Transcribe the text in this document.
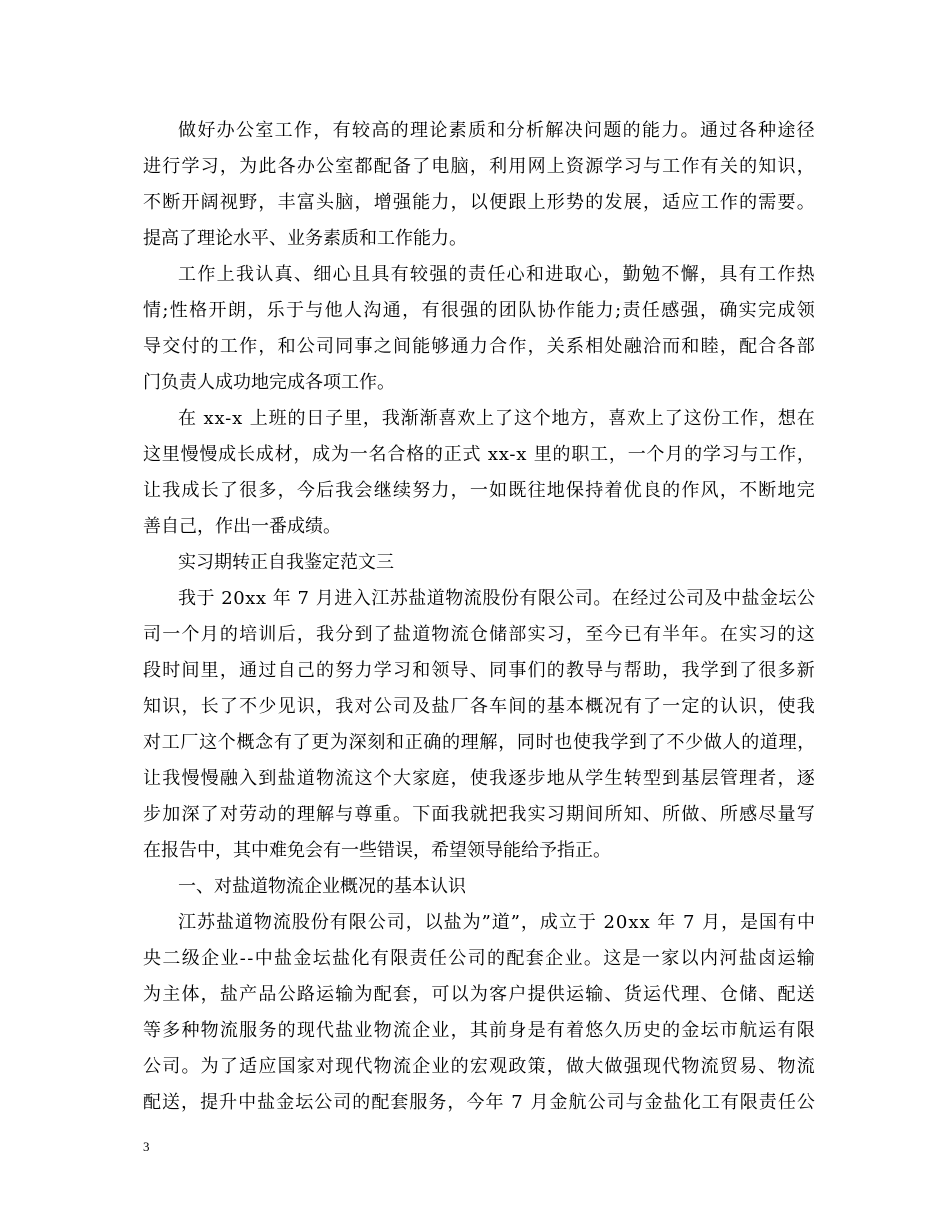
做好办公室工作，有较高的理论素质和分析解决问题的能力。通过各种途径
进行学习，为此各办公室都配备了电脑，利用网上资源学习与工作有关的知识，
不断开阔视野，丰富头脑，增强能力，以便跟上形势的发展，适应工作的需要。
提高了理论水平、业务素质和工作能力。
工作上我认真、细心且具有较强的责任心和进取心，勤勉不懈，具有工作热
情;性格开朗，乐于与他人沟通，有很强的团队协作能力;责任感强，确实完成领
导交付的工作，和公司同事之间能够通力合作，关系相处融洽而和睦，配合各部
门负责人成功地完成各项工作。
在 xx-x 上班的日子里，我渐渐喜欢上了这个地方，喜欢上了这份工作，想在
这里慢慢成长成材，成为一名合格的正式 xx-x 里的职工，一个月的学习与工作，
让我成长了很多，今后我会继续努力，一如既往地保持着优良的作风，不断地完
善自己，作出一番成绩。
实习期转正自我鉴定范文三
我于 20xx 年 7 月进入江苏盐道物流股份有限公司。在经过公司及中盐金坛公
司一个月的培训后，我分到了盐道物流仓储部实习，至今已有半年。在实习的这
段时间里，通过自己的努力学习和领导、同事们的教导与帮助，我学到了很多新
知识，长了不少见识，我对公司及盐厂各车间的基本概况有了一定的认识，使我
对工厂这个概念有了更为深刻和正确的理解，同时也使我学到了不少做人的道理，
让我慢慢融入到盐道物流这个大家庭，使我逐步地从学生转型到基层管理者，逐
步加深了对劳动的理解与尊重。下面我就把我实习期间所知、所做、所感尽量写
在报告中，其中难免会有一些错误，希望领导能给予指正。
一、对盐道物流企业概况的基本认识
江苏盐道物流股份有限公司，以盐为”道”，成立于 20xx 年 7 月，是国有中
央二级企业--中盐金坛盐化有限责任公司的配套企业。这是一家以内河盐卤运输
为主体，盐产品公路运输为配套，可以为客户提供运输、货运代理、仓储、配送
等多种物流服务的现代盐业物流企业，其前身是有着悠久历史的金坛市航运有限
公司。为了适应国家对现代物流企业的宏观政策，做大做强现代物流贸易、物流
配送，提升中盐金坛公司的配套服务，今年 7 月金航公司与金盐化工有限责任公
3
